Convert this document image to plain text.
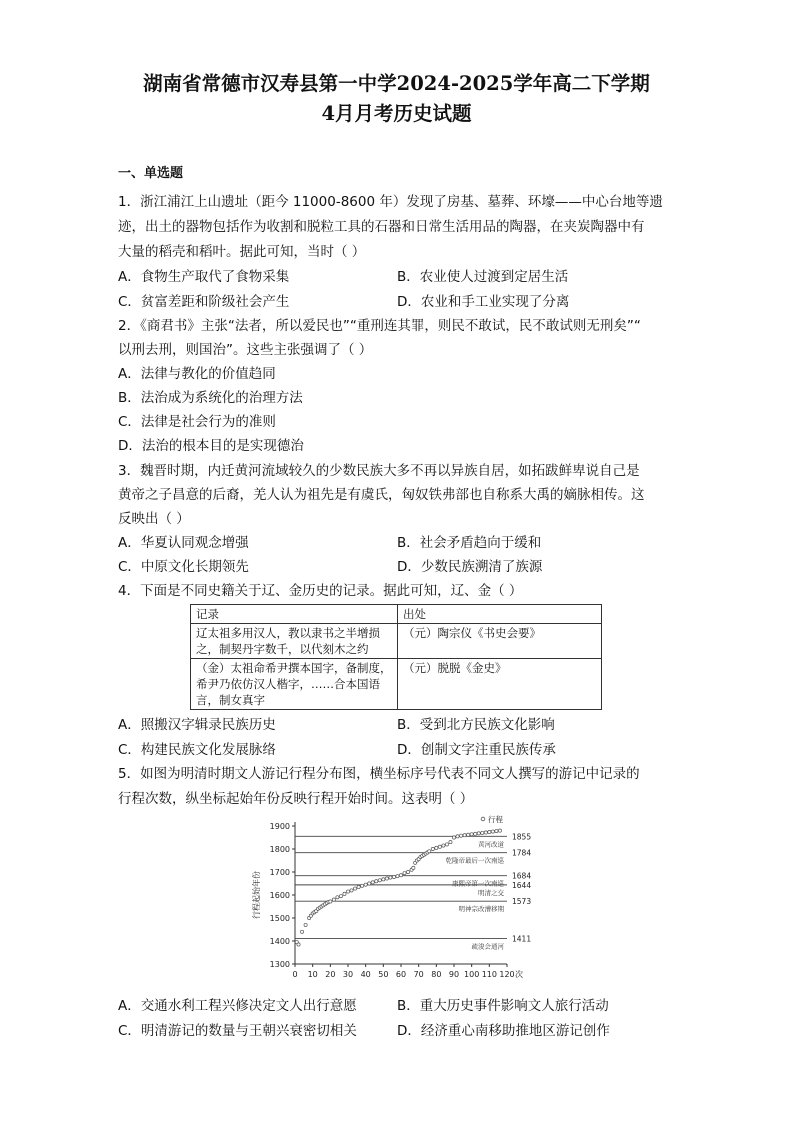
湖南省常德市汉寿县第一中学2024-2025学年高二下学期
4月月考历史试题
一、单选题
1．浙江浦江上山遗址（距今 11000-8600 年）发现了房基、墓葬、环壕——中心台地等遗
迹，出土的器物包括作为收割和脱粒工具的石器和日常生活用品的陶器，在夹炭陶器中有
大量的稻壳和稻叶。据此可知，当时（ ）
A．食物生产取代了食物采集	B．农业使人过渡到定居生活
C．贫富差距和阶级社会产生	D．农业和手工业实现了分离
2．《商君书》主张“法者，所以爱民也”“重刑连其罪，则民不敢试，民不敢试则无刑矣”“
以刑去刑，则国治”。这些主张强调了（ ）
A．法律与教化的价值趋同
B．法治成为系统化的治理方法
C．法律是社会行为的准则
D．法治的根本目的是实现德治
3．魏晋时期，内迁黄河流域较久的少数民族大多不再以异族自居，如拓跋鲜卑说自己是
黄帝之子昌意的后裔，羌人认为祖先是有虞氏，匈奴铁弗部也自称系大禹的嫡脉相传。这
反映出（ ）
A．华夏认同观念增强	B．社会矛盾趋向于缓和
C．中原文化长期领先	D．少数民族溯清了族源
4．下面是不同史籍关于辽、金历史的记录。据此可知，辽、金（ ）
记录	出处
辽太祖多用汉人，教以隶书之半增损之，制契丹字数千，以代刻木之约	（元）陶宗仪《书史会要》
（金）太祖命希尹撰本国字，备制度，希尹乃依仿汉人楷字，……合本国语言，制女真字	（元）脱脱《金史》
A．照搬汉字辑录民族历史	B．受到北方民族文化影响
C．构建民族文化发展脉络	D．创制文字注重民族传承
5．如图为明清时期文人游记行程分布图，横坐标序号代表不同文人撰写的游记中记录的
行程次数，纵坐标起始年份反映行程开始时间。这表明（ ）
1300
1400
1500
1600
1700
1800
1900
0 10 20 30 40 50 60 70 80 90 100 110 120 次
行程起始年份
1855
黄河改道
1784
乾隆帝最后一次南巡
1684
康熙帝第一次南巡 1644
明清之交
1573
明神宗改漕移期
1411
疏浚会通河
行程
A．交通水利工程兴修决定文人出行意愿	B．重大历史事件影响文人旅行活动
C．明清游记的数量与王朝兴衰密切相关	D．经济重心南移助推地区游记创作
